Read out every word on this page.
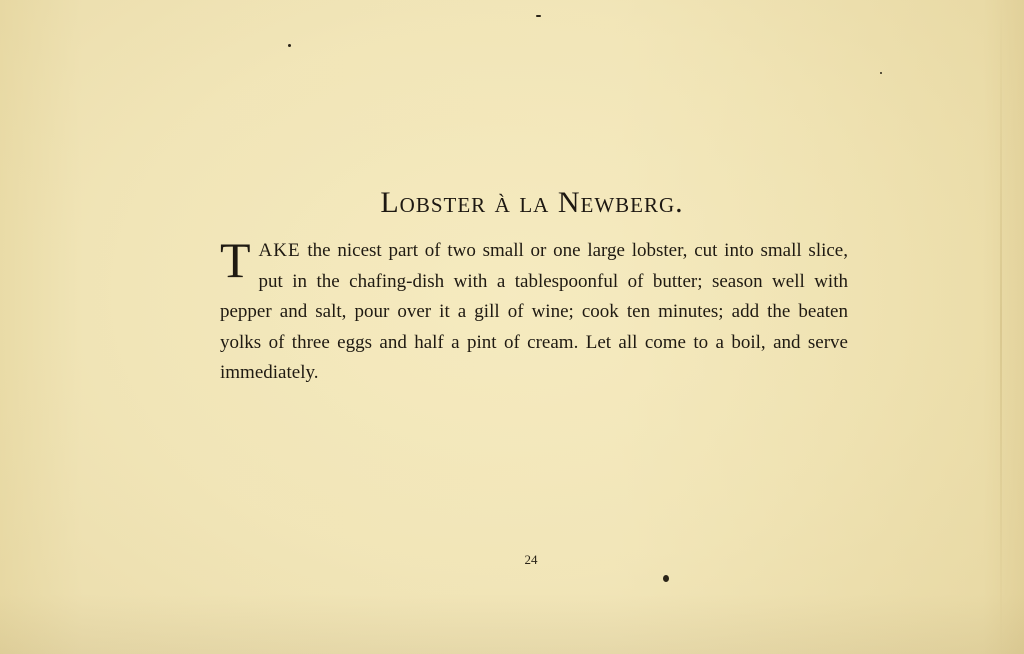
Lobster à la Newberg.

TAKE the nicest part of two small or one large lobster, cut into small slice, put in the chafing-dish with a tablespoonful of butter; season well with pepper and salt, pour over it a gill of wine; cook ten minutes; add the beaten yolks of three eggs and half a pint of cream. Let all come to a boil, and serve immediately.

24
